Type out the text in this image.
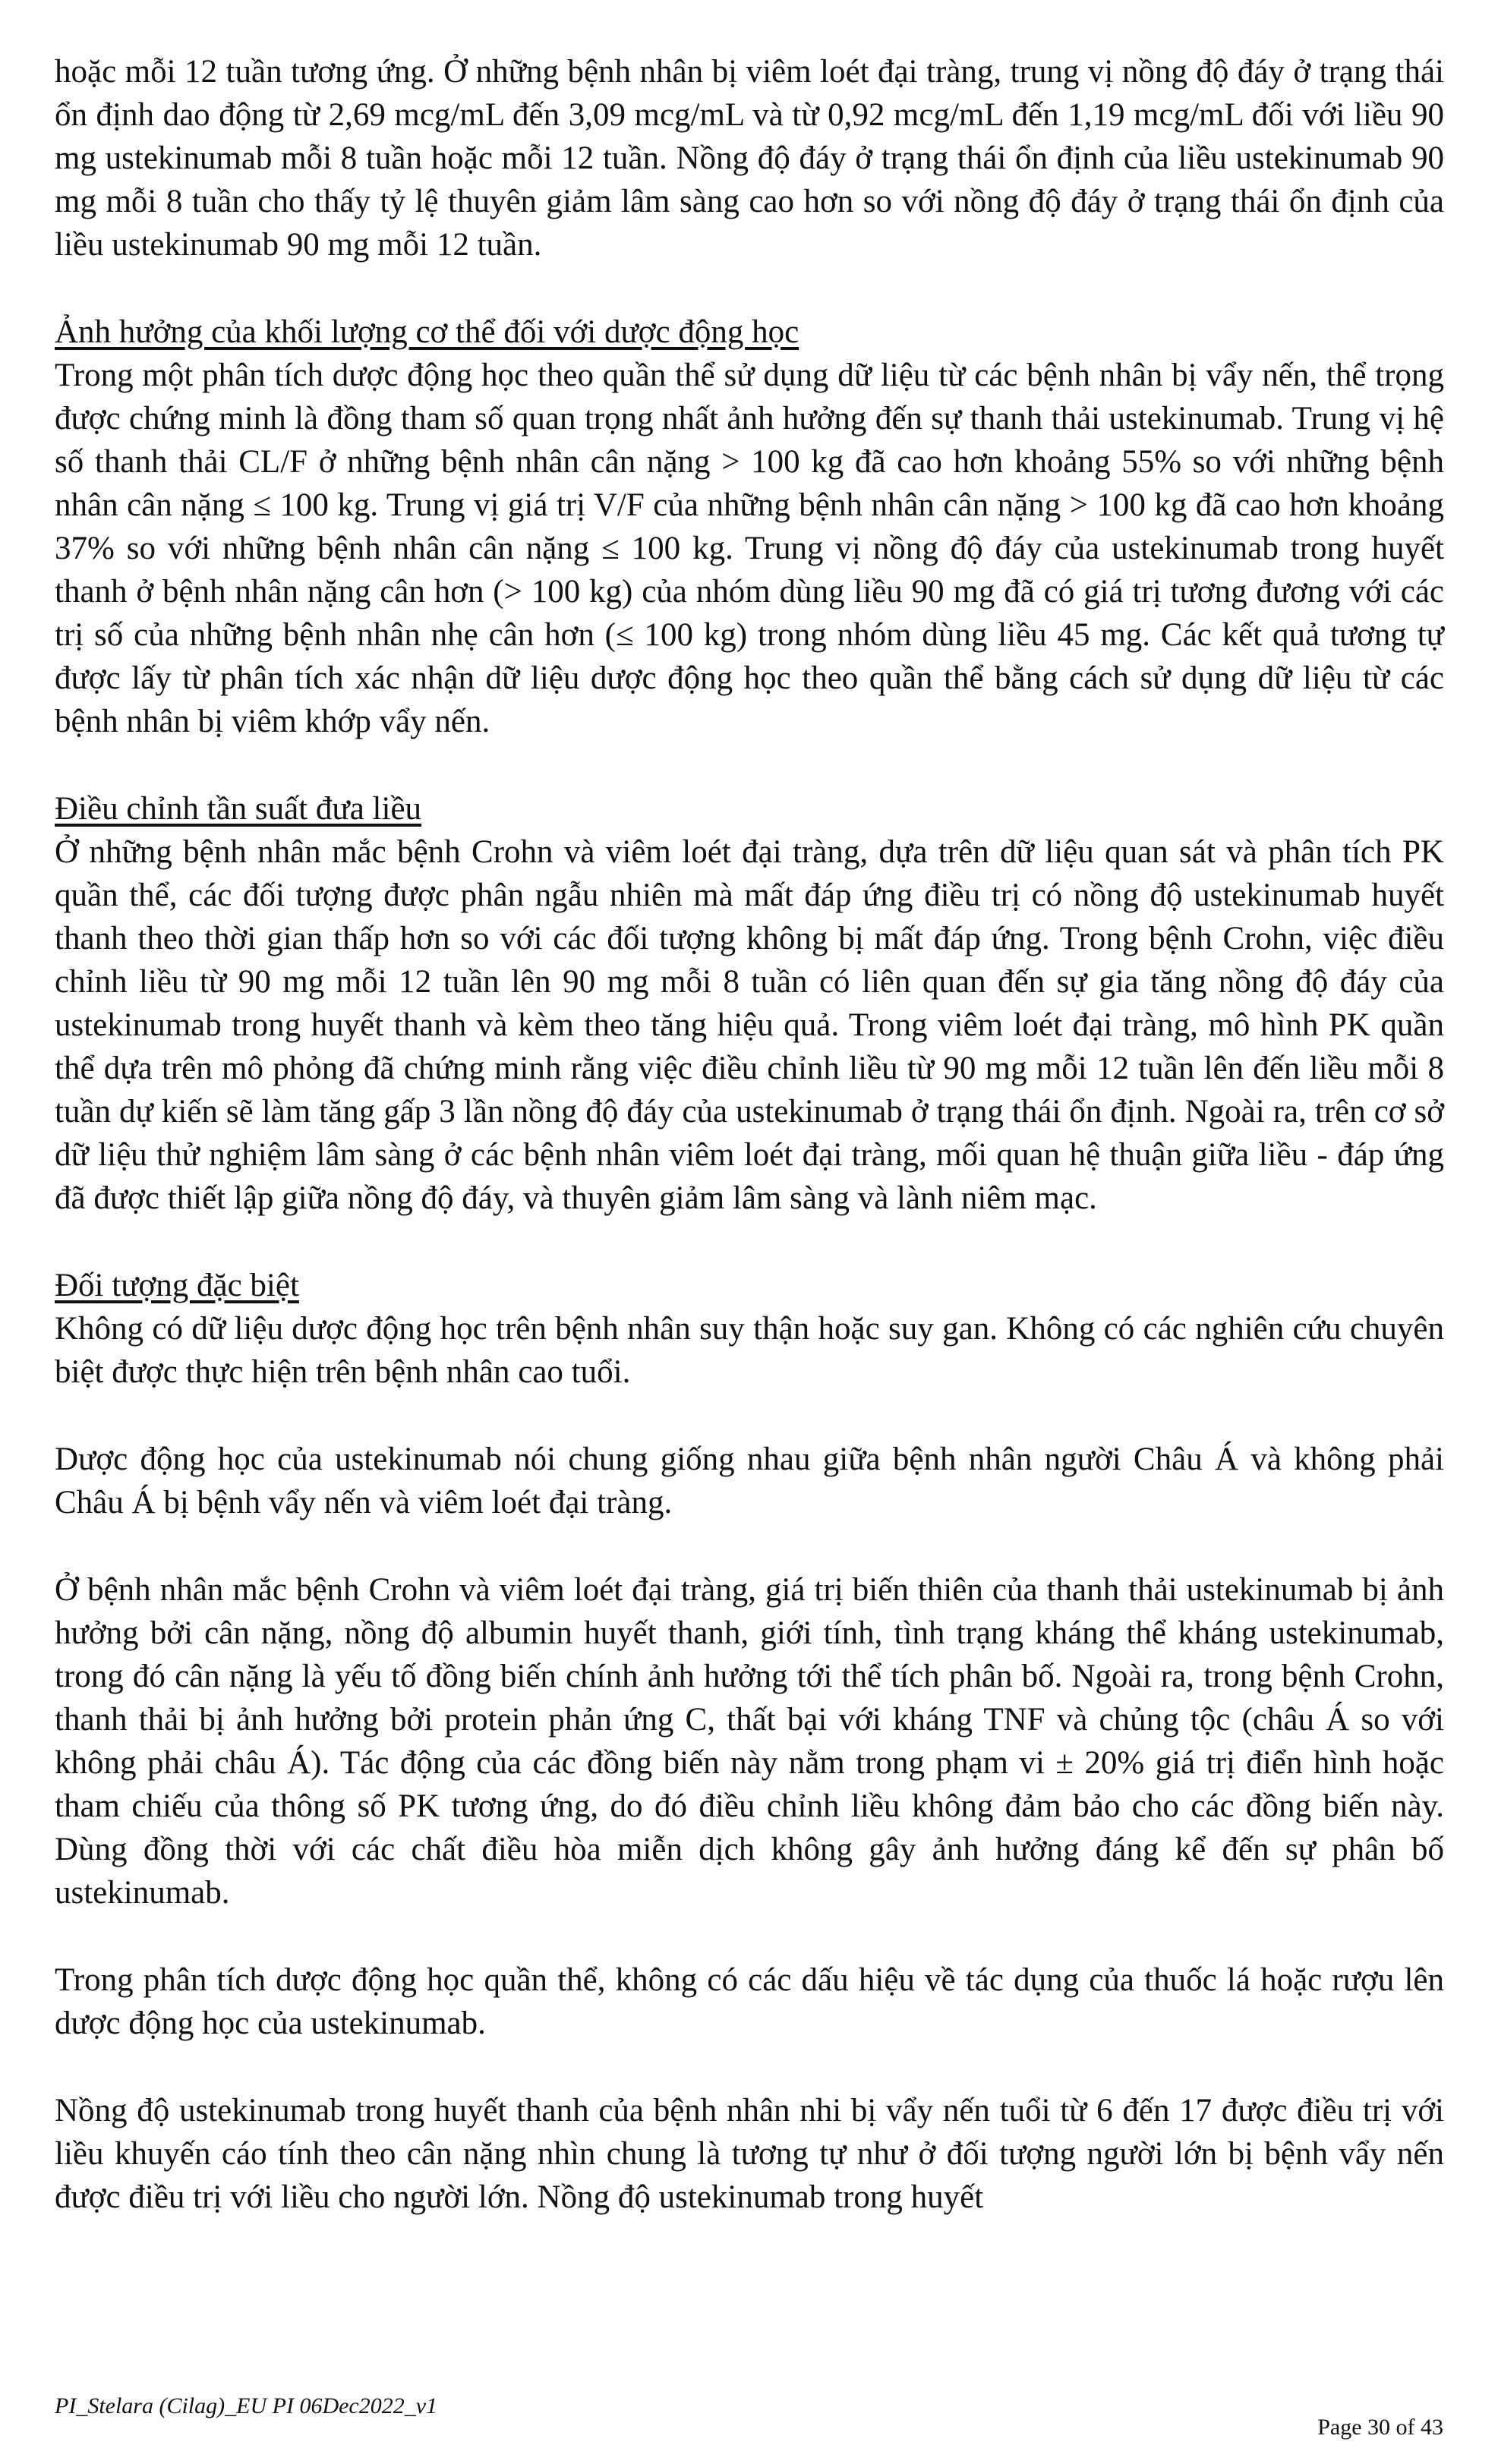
hoặc mỗi 12 tuần tương ứng. Ở những bệnh nhân bị viêm loét đại tràng, trung vị nồng độ đáy ở trạng thái ổn định dao động từ 2,69 mcg/mL đến 3,09 mcg/mL và từ 0,92 mcg/mL đến 1,19 mcg/mL đối với liều 90 mg ustekinumab mỗi 8 tuần hoặc mỗi 12 tuần. Nồng độ đáy ở trạng thái ổn định của liều ustekinumab 90 mg mỗi 8 tuần cho thấy tỷ lệ thuyên giảm lâm sàng cao hơn so với nồng độ đáy ở trạng thái ổn định của liều ustekinumab 90 mg mỗi 12 tuần.

Ảnh hưởng của khối lượng cơ thể đối với dược động học

Trong một phân tích dược động học theo quần thể sử dụng dữ liệu từ các bệnh nhân bị vẩy nến, thể trọng được chứng minh là đồng tham số quan trọng nhất ảnh hưởng đến sự thanh thải ustekinumab. Trung vị hệ số thanh thải CL/F ở những bệnh nhân cân nặng > 100 kg đã cao hơn khoảng 55% so với những bệnh nhân cân nặng ≤ 100 kg. Trung vị giá trị V/F của những bệnh nhân cân nặng > 100 kg đã cao hơn khoảng 37% so với những bệnh nhân cân nặng ≤ 100 kg. Trung vị nồng độ đáy của ustekinumab trong huyết thanh ở bệnh nhân nặng cân hơn (> 100 kg) của nhóm dùng liều 90 mg đã có giá trị tương đương với các trị số của những bệnh nhân nhẹ cân hơn (≤ 100 kg) trong nhóm dùng liều 45 mg. Các kết quả tương tự được lấy từ phân tích xác nhận dữ liệu dược động học theo quần thể bằng cách sử dụng dữ liệu từ các bệnh nhân bị viêm khớp vẩy nến.

Điều chỉnh tần suất đưa liều

Ở những bệnh nhân mắc bệnh Crohn và viêm loét đại tràng, dựa trên dữ liệu quan sát và phân tích PK quần thể, các đối tượng được phân ngẫu nhiên mà mất đáp ứng điều trị có nồng độ ustekinumab huyết thanh theo thời gian thấp hơn so với các đối tượng không bị mất đáp ứng. Trong bệnh Crohn, việc điều chỉnh liều từ 90 mg mỗi 12 tuần lên 90 mg mỗi 8 tuần có liên quan đến sự gia tăng nồng độ đáy của ustekinumab trong huyết thanh và kèm theo tăng hiệu quả. Trong viêm loét đại tràng, mô hình PK quần thể dựa trên mô phỏng đã chứng minh rằng việc điều chỉnh liều từ 90 mg mỗi 12 tuần lên đến liều mỗi 8 tuần dự kiến sẽ làm tăng gấp 3 lần nồng độ đáy của ustekinumab ở trạng thái ổn định. Ngoài ra, trên cơ sở dữ liệu thử nghiệm lâm sàng ở các bệnh nhân viêm loét đại tràng, mối quan hệ thuận giữa liều - đáp ứng đã được thiết lập giữa nồng độ đáy, và thuyên giảm lâm sàng và lành niêm mạc.

Đối tượng đặc biệt

Không có dữ liệu dược động học trên bệnh nhân suy thận hoặc suy gan. Không có các nghiên cứu chuyên biệt được thực hiện trên bệnh nhân cao tuổi.

Dược động học của ustekinumab nói chung giống nhau giữa bệnh nhân người Châu Á và không phải Châu Á bị bệnh vẩy nến và viêm loét đại tràng.

Ở bệnh nhân mắc bệnh Crohn và viêm loét đại tràng, giá trị biến thiên của thanh thải ustekinumab bị ảnh hưởng bởi cân nặng, nồng độ albumin huyết thanh, giới tính, tình trạng kháng thể kháng ustekinumab, trong đó cân nặng là yếu tố đồng biến chính ảnh hưởng tới thể tích phân bố. Ngoài ra, trong bệnh Crohn, thanh thải bị ảnh hưởng bởi protein phản ứng C, thất bại với kháng TNF và chủng tộc (châu Á so với không phải châu Á). Tác động của các đồng biến này nằm trong phạm vi ± 20% giá trị điển hình hoặc tham chiếu của thông số PK tương ứng, do đó điều chỉnh liều không đảm bảo cho các đồng biến này. Dùng đồng thời với các chất điều hòa miễn dịch không gây ảnh hưởng đáng kể đến sự phân bố ustekinumab.

Trong phân tích dược động học quần thể, không có các dấu hiệu về tác dụng của thuốc lá hoặc rượu lên dược động học của ustekinumab.

Nồng độ ustekinumab trong huyết thanh của bệnh nhân nhi bị vẩy nến tuổi từ 6 đến 17 được điều trị với liều khuyến cáo tính theo cân nặng nhìn chung là tương tự như ở đối tượng người lớn bị bệnh vẩy nến được điều trị với liều cho người lớn. Nồng độ ustekinumab trong huyết

PI_Stelara (Cilag)_EU PI 06Dec2022_v1
Page 30 of 43
